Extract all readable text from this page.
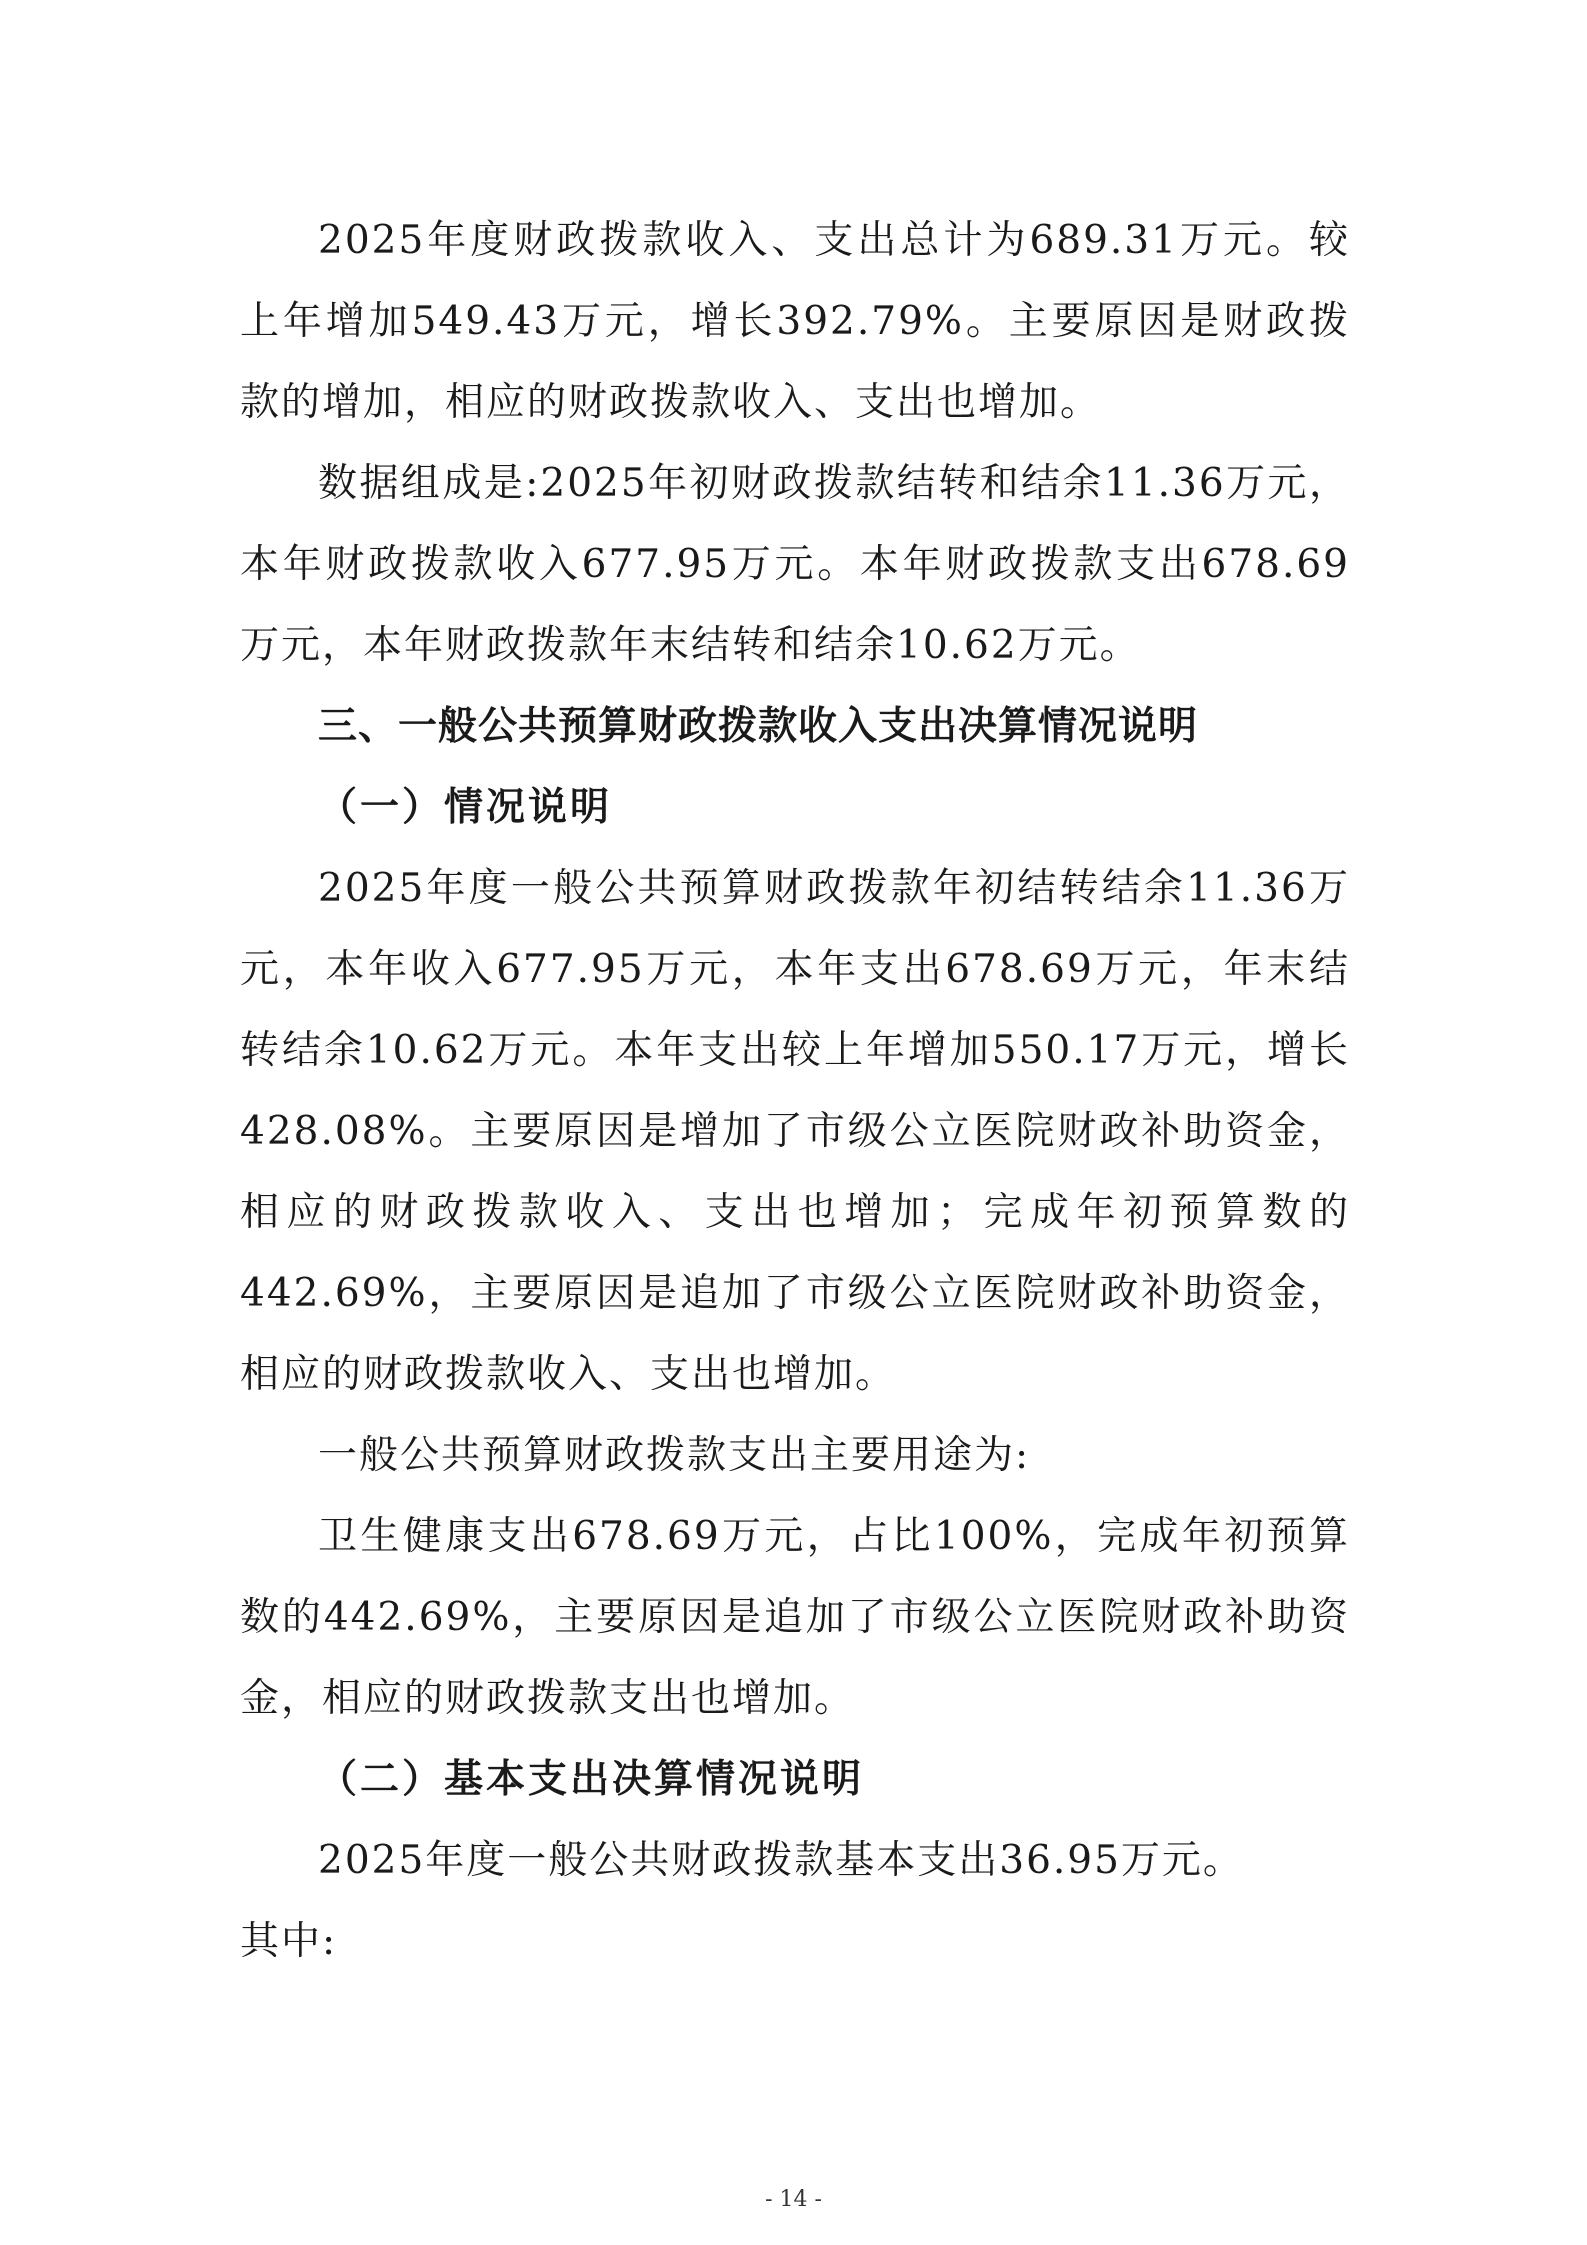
2025年度财政拨款收入、支出总计为689.31万元。较上年增加549.43万元，增长392.79%。主要原因是财政拨款的增加，相应的财政拨款收入、支出也增加。

数据组成是:2025年初财政拨款结转和结余11.36万元，本年财政拨款收入677.95万元。本年财政拨款支出678.69万元，本年财政拨款年末结转和结余10.62万元。

三、一般公共预算财政拨款收入支出决算情况说明

（一）情况说明

2025年度一般公共预算财政拨款年初结转结余11.36万元，本年收入677.95万元，本年支出678.69万元，年末结转结余10.62万元。本年支出较上年增加550.17万元，增长428.08%。主要原因是增加了市级公立医院财政补助资金，相应的财政拨款收入、支出也增加；完成年初预算数的442.69%，主要原因是追加了市级公立医院财政补助资金，相应的财政拨款收入、支出也增加。

一般公共预算财政拨款支出主要用途为:

卫生健康支出678.69万元，占比100%，完成年初预算数的442.69%，主要原因是追加了市级公立医院财政补助资金，相应的财政拨款支出也增加。

（二）基本支出决算情况说明

2025年度一般公共财政拨款基本支出36.95万元。

其中:

- 14 -
